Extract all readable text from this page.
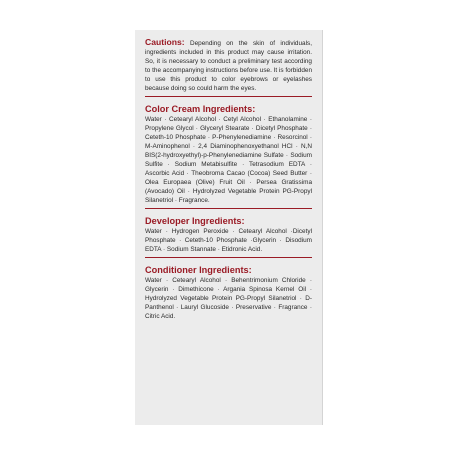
Cautions: Depending on the skin of individuals, ingredients included in this product may cause irritation. So, it is necessary to conduct a preliminary test according to the accompanying instructions before use. It is forbidden to use this product to color eyebrows or eyelashes because doing so could harm the eyes.

Color Cream Ingredients:

Water · Cetearyl Alcohol · Cetyl Alcohol · Ethanolamine · Propylene Glycol · Glyceryl Stearate · Dicetyl Phosphate · Ceteth-10 Phosphate · P-Phenylenediamine · Resorcinol · M-Aminophenol · 2,4 Diaminophenoxyethanol HCl · N,N BIS(2-hydroxyethyl)-p-Phenylenediamine Sulfate · Sodium Sulfite · Sodium Metabisulfite · Tetrasodium EDTA · Ascorbic Acid · Theobroma Cacao (Cocoa) Seed Butter · Olea Europaea (Olive) Fruit Oil · Persea Gratissima (Avocado) Oil · Hydrolyzed Vegetable Protein PG-Propyl Silanetriol · Fragrance.

Developer Ingredients:

Water · Hydrogen Peroxide · Cetearyl Alcohol ·Dicetyl Phosphate · Ceteth-10 Phosphate ·Glycerin · Disodium EDTA · Sodium Stannate · Etidronic Acid.

Conditioner Ingredients:

Water · Cetearyl Alcohol · Behentrimonium Chloride · Glycerin · Dimethicone · Argania Spinosa Kernel Oil · Hydrolyzed Vegetable Protein PG-Propyl Silanetriol · D-Panthenol · Lauryl Glucoside · Preservative · Fragrance · Citric Acid.
